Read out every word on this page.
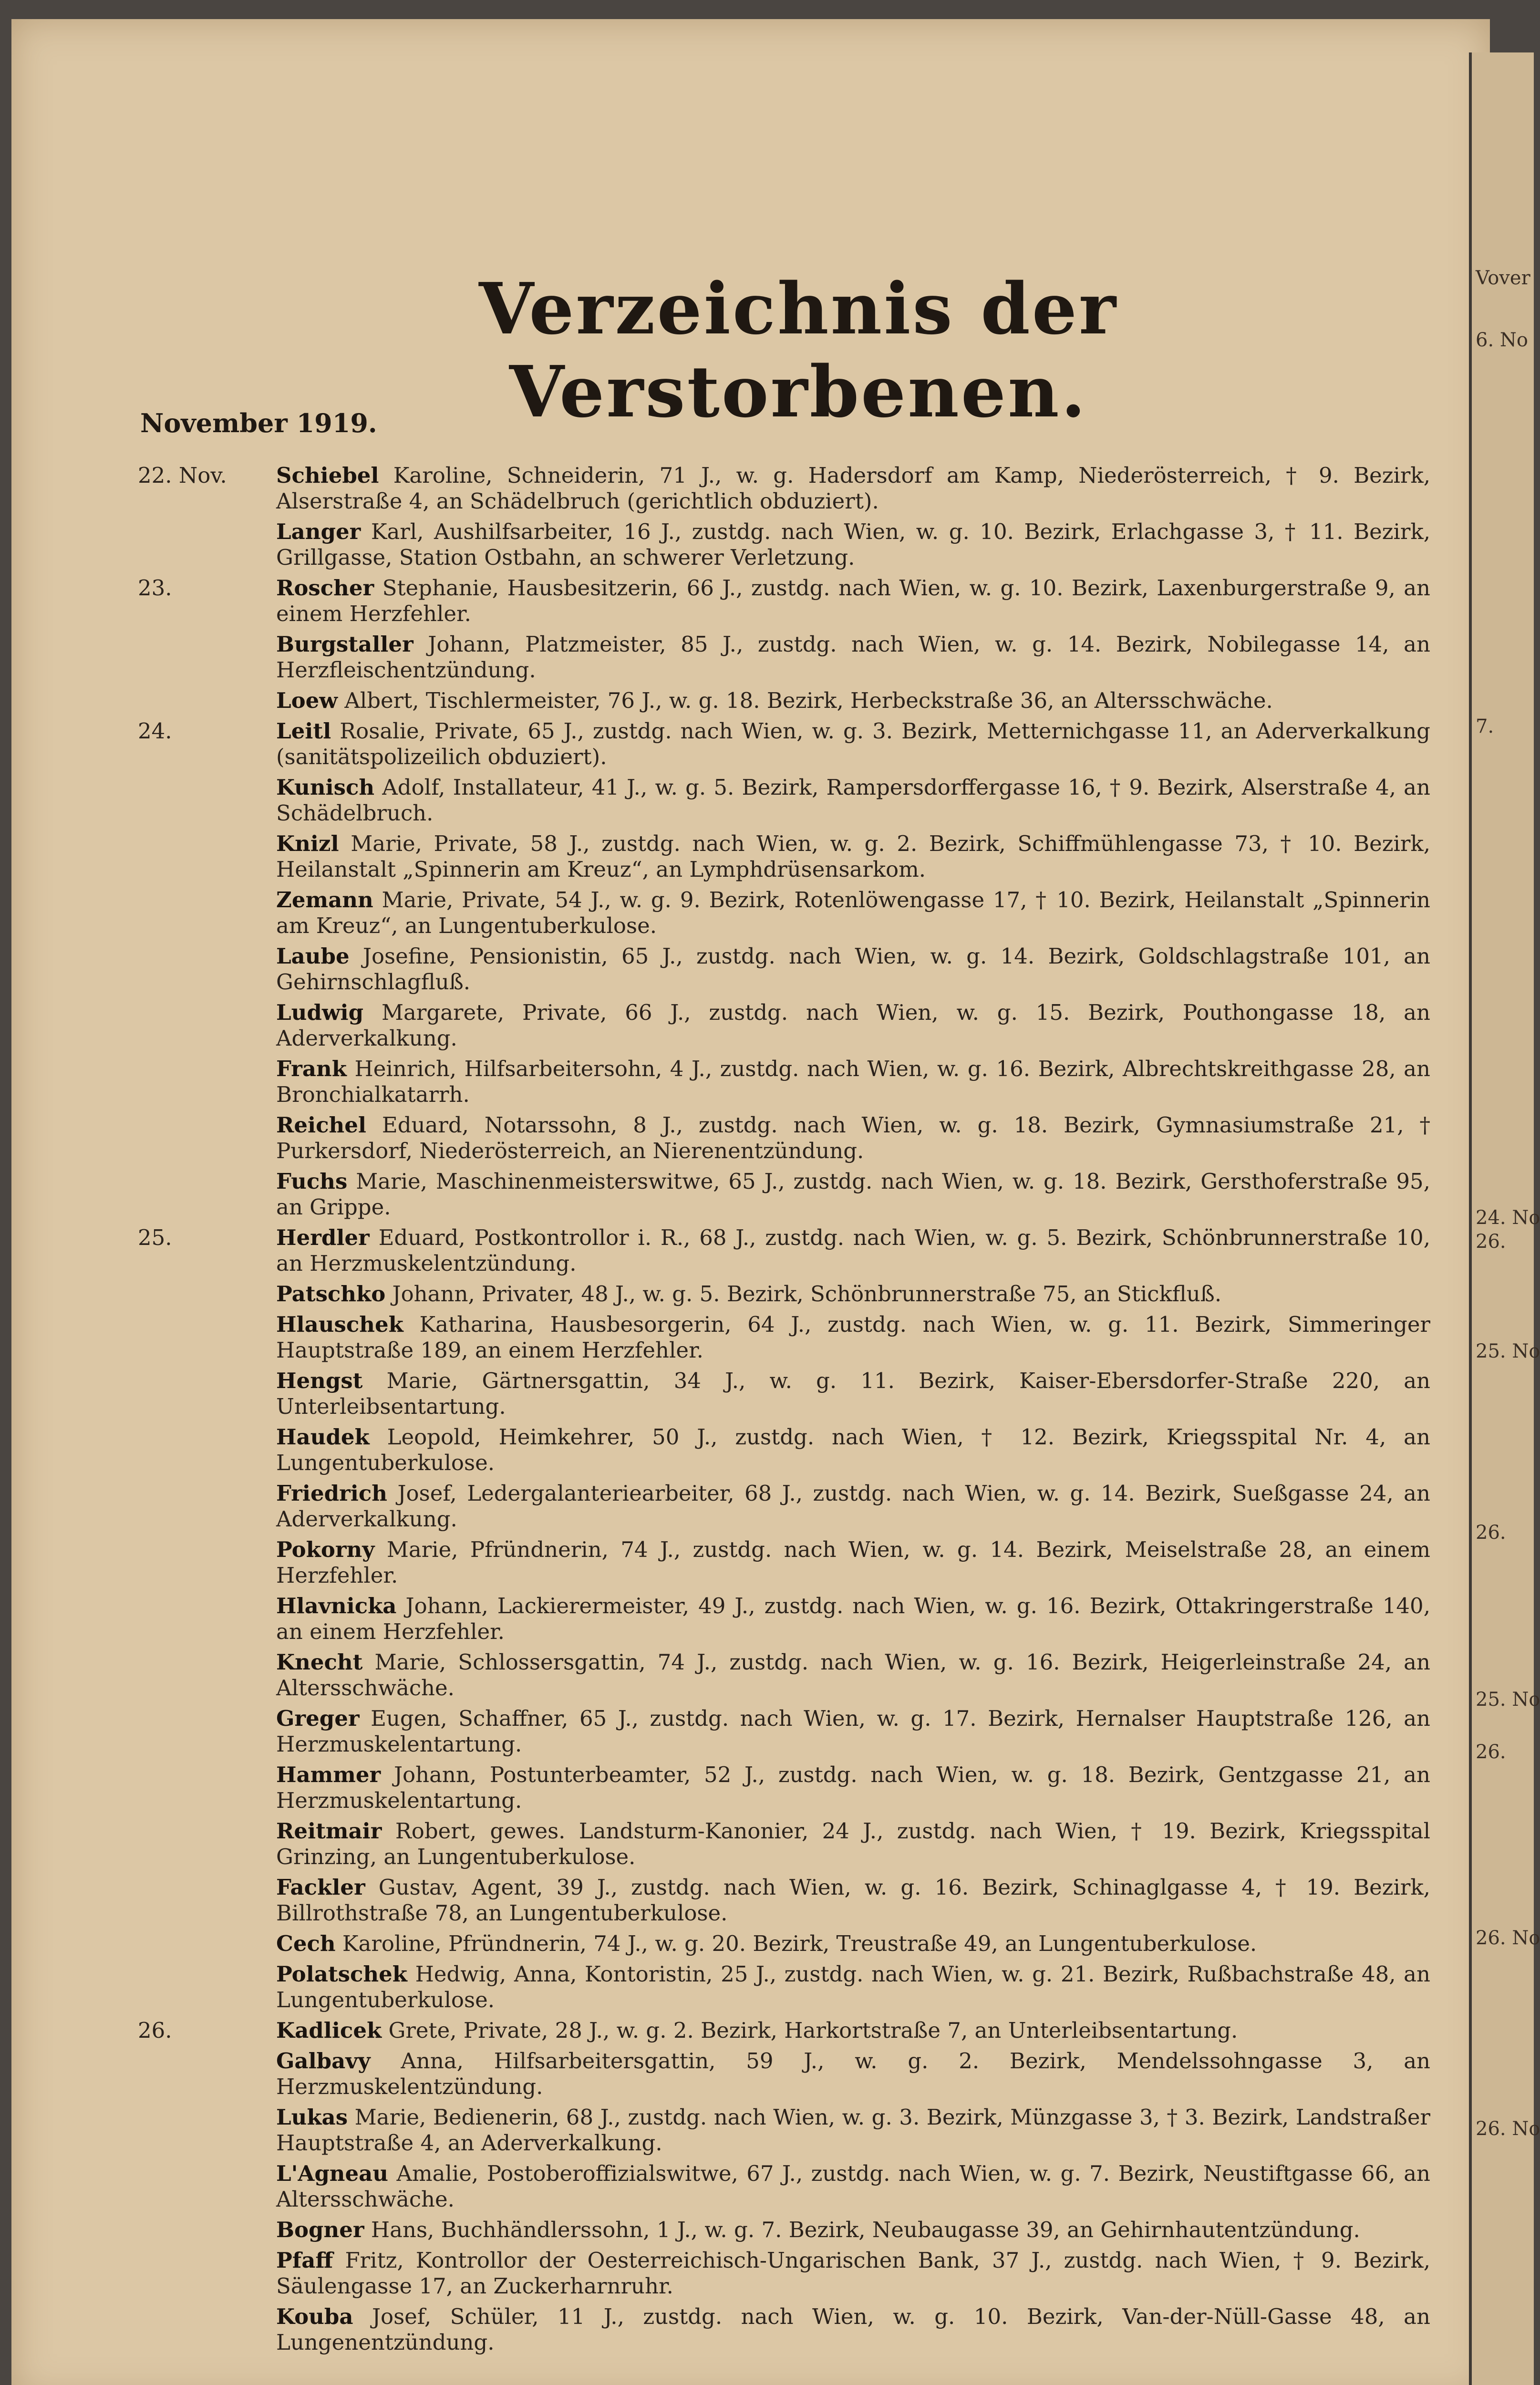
Verzeichnis der Verstorbenen.
November 1919.
22. Nov.	Schiebel Karoline, Schneiderin, 71 J., w. g. Hadersdorf am Kamp, Niederösterreich, † 9. Bezirk, Alserstraße 4, an Schädelbruch (gerichtlich obduziert).
Langer Karl, Aushilfsarbeiter, 16 J., zustdg. nach Wien, w. g. 10. Bezirk, Erlachgasse 3, † 11. Bezirk, Grillgasse, Station Ostbahn, an schwerer Verletzung.
23.	Roscher Stephanie, Hausbesitzerin, 66 J., zustdg. nach Wien, w. g. 10. Bezirk, Laxenburgerstraße 9, an einem Herzfehler.
Burgstaller Johann, Platzmeister, 85 J., zustdg. nach Wien, w. g. 14. Bezirk, Nobilegasse 14, an Herzfleischentzündung.
Loew Albert, Tischlermeister, 76 J., w. g. 18. Bezirk, Herbeckstraße 36, an Altersschwäche.
24.	Leitl Rosalie, Private, 65 J., zustdg. nach Wien, w. g. 3. Bezirk, Metternichgasse 11, an Aderverkalkung (sanitätspolizeilich obduziert).
Kunisch Adolf, Installateur, 41 J., w. g. 5. Bezirk, Rampersdorffergasse 16, † 9. Bezirk, Alserstraße 4, an Schädelbruch.
Knizl Marie, Private, 58 J., zustdg. nach Wien, w. g. 2. Bezirk, Schiffmühlengasse 73, † 10. Bezirk, Heilanstalt „Spinnerin am Kreuz“, an Lymphdrüsensarkom.
Zemann Marie, Private, 54 J., w. g. 9. Bezirk, Rotenlöwengasse 17, † 10. Bezirk, Heilanstalt „Spinnerin am Kreuz“, an Lungentuberkulose.
Laube Josefine, Pensionistin, 65 J., zustdg. nach Wien, w. g. 14. Bezirk, Goldschlagstraße 101, an Gehirnschlagfluß.
Ludwig Margarete, Private, 66 J., zustdg. nach Wien, w. g. 15. Bezirk, Pouthongasse 18, an Aderverkalkung.
Frank Heinrich, Hilfsarbeitersohn, 4 J., zustdg. nach Wien, w. g. 16. Bezirk, Albrechtskreithgasse 28, an Bronchialkatarrh.
Reichel Eduard, Notarssohn, 8 J., zustdg. nach Wien, w. g. 18. Bezirk, Gymnasiumstraße 21, † Purkersdorf, Niederösterreich, an Nierenentzündung.
Fuchs Marie, Maschinenmeisterswitwe, 65 J., zustdg. nach Wien, w. g. 18. Bezirk, Gersthoferstraße 95, an Grippe.
25.	Herdler Eduard, Postkontrollor i. R., 68 J., zustdg. nach Wien, w. g. 5. Bezirk, Schönbrunnerstraße 10, an Herzmuskelentzündung.
Patschko Johann, Privater, 48 J., w. g. 5. Bezirk, Schönbrunnerstraße 75, an Stickfluß.
Hlauschek Katharina, Hausbesorgerin, 64 J., zustdg. nach Wien, w. g. 11. Bezirk, Simmeringer Hauptstraße 189, an einem Herzfehler.
Hengst Marie, Gärtnersgattin, 34 J., w. g. 11. Bezirk, Kaiser-Ebersdorfer-Straße 220, an Unterleibsentartung.
Haudek Leopold, Heimkehrer, 50 J., zustdg. nach Wien, † 12. Bezirk, Kriegsspital Nr. 4, an Lungentuberkulose.
Friedrich Josef, Ledergalanteriearbeiter, 68 J., zustdg. nach Wien, w. g. 14. Bezirk, Sueßgasse 24, an Aderverkalkung.
Pokorny Marie, Pfründnerin, 74 J., zustdg. nach Wien, w. g. 14. Bezirk, Meiselstraße 28, an einem Herzfehler.
Hlavnicka Johann, Lackierermeister, 49 J., zustdg. nach Wien, w. g. 16. Bezirk, Ottakringerstraße 140, an einem Herzfehler.
Knecht Marie, Schlossersgattin, 74 J., zustdg. nach Wien, w. g. 16. Bezirk, Heigerleinstraße 24, an Altersschwäche.
Greger Eugen, Schaffner, 65 J., zustdg. nach Wien, w. g. 17. Bezirk, Hernalser Hauptstraße 126, an Herzmuskelentartung.
Hammer Johann, Postunterbeamter, 52 J., zustdg. nach Wien, w. g. 18. Bezirk, Gentzgasse 21, an Herzmuskelentartung.
Reitmair Robert, gewes. Landsturm-Kanonier, 24 J., zustdg. nach Wien, † 19. Bezirk, Kriegsspital Grinzing, an Lungentuberkulose.
Fackler Gustav, Agent, 39 J., zustdg. nach Wien, w. g. 16. Bezirk, Schinaglgasse 4, † 19. Bezirk, Billrothstraße 78, an Lungentuberkulose.
Cech Karoline, Pfründnerin, 74 J., w. g. 20. Bezirk, Treustraße 49, an Lungentuberkulose.
Polatschek Hedwig, Anna, Kontoristin, 25 J., zustdg. nach Wien, w. g. 21. Bezirk, Rußbachstraße 48, an Lungentuberkulose.
26.	Kadlicek Grete, Private, 28 J., w. g. 2. Bezirk, Harkortstraße 7, an Unterleibsentartung.
Galbavy Anna, Hilfsarbeitersgattin, 59 J., w. g. 2. Bezirk, Mendelssohngasse 3, an Herzmuskelentzündung.
Lukas Marie, Bedienerin, 68 J., zustdg. nach Wien, w. g. 3. Bezirk, Münzgasse 3, † 3. Bezirk, Landstraßer Hauptstraße 4, an Aderverkalkung.
L'Agneau Amalie, Postoberoffizialswitwe, 67 J., zustdg. nach Wien, w. g. 7. Bezirk, Neustiftgasse 66, an Altersschwäche.
Bogner Hans, Buchhändlerssohn, 1 J., w. g. 7. Bezirk, Neubaugasse 39, an Gehirnhautentzündung.
Pfaff Fritz, Kontrollor der Oesterreichisch-Ungarischen Bank, 37 J., zustdg. nach Wien, † 9. Bezirk, Säulengasse 17, an Zuckerharnruhr.
Kouba Josef, Schüler, 11 J., zustdg. nach Wien, w. g. 10. Bezirk, Van-der-Nüll-Gasse 48, an Lungenentzündung.
Vover
6. No
7.
24. No
26.
25. No
26.
25. No
26.
26. No
26. No
